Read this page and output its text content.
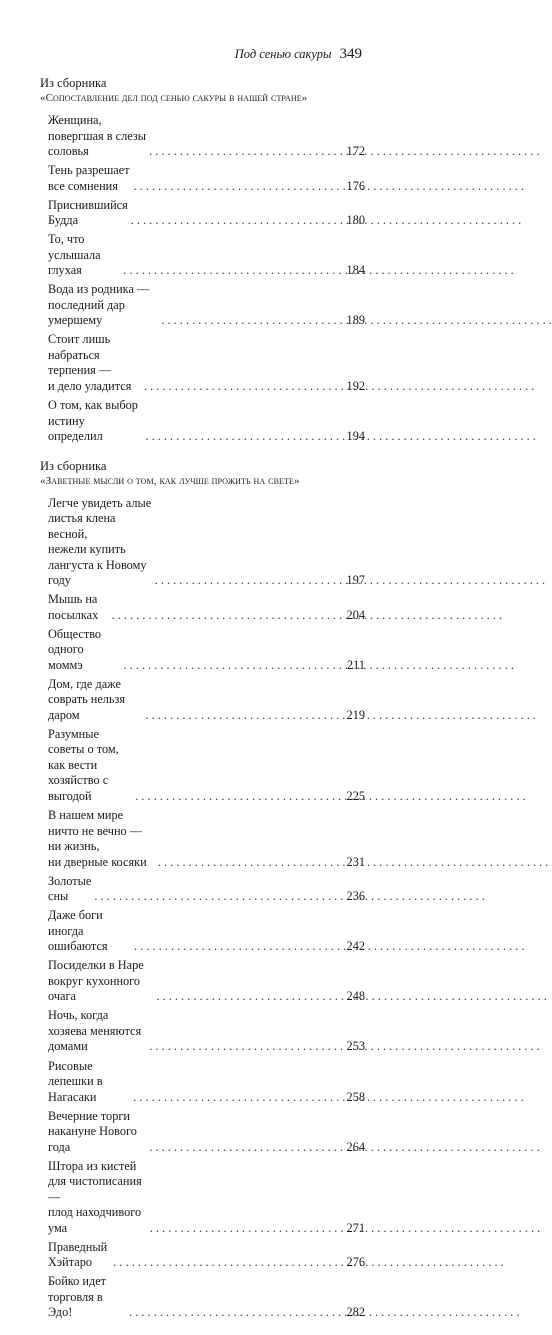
Под сенью сакуры 349
Из сборника
«Сопоставление дел под сенью сакуры в нашей стране»
Женщина, повергшая в слезы соловья . . .	172
Тень разрешает все сомнения . . .	176
Приснившийся Будда . . .	180
То, что услышала глухая . . .	184
Вода из родника — последний дар умершему . . .	189
Стоит лишь набраться терпения —
и дело уладится . . .	192
О том, как выбор истину определил . . .	194
Из сборника
«Заветные мысли о том, как лучше прожить на свете»
Легче увидеть алые листья клена весной,
нежели купить лангуста к Новому году . . .	197
Мышь на посылках . . .	204
Общество одного моммэ . . .	211
Дом, где даже соврать нельзя даром . . .	219
Разумные советы о том,
как вести хозяйство с выгодой . . .	225
В нашем мире ничто не вечно — ни жизнь,
ни дверные косяки . . .	231
Золотые сны . . .	236
Даже боги иногда ошибаются . . .	242
Посиделки в Наре вокруг кухонного очага . . .	248
Ночь, когда хозяева меняются домами . . .	253
Рисовые лепешки в Нагасаки . . .	258
Вечерние торги накануне Нового года . . .	264
Штора из кистей для чистописания —
плод находчивого ума . . .	271
Праведный Хэйтаро . . .	276
Бойко идет торговля в Эдо! . . .	282
